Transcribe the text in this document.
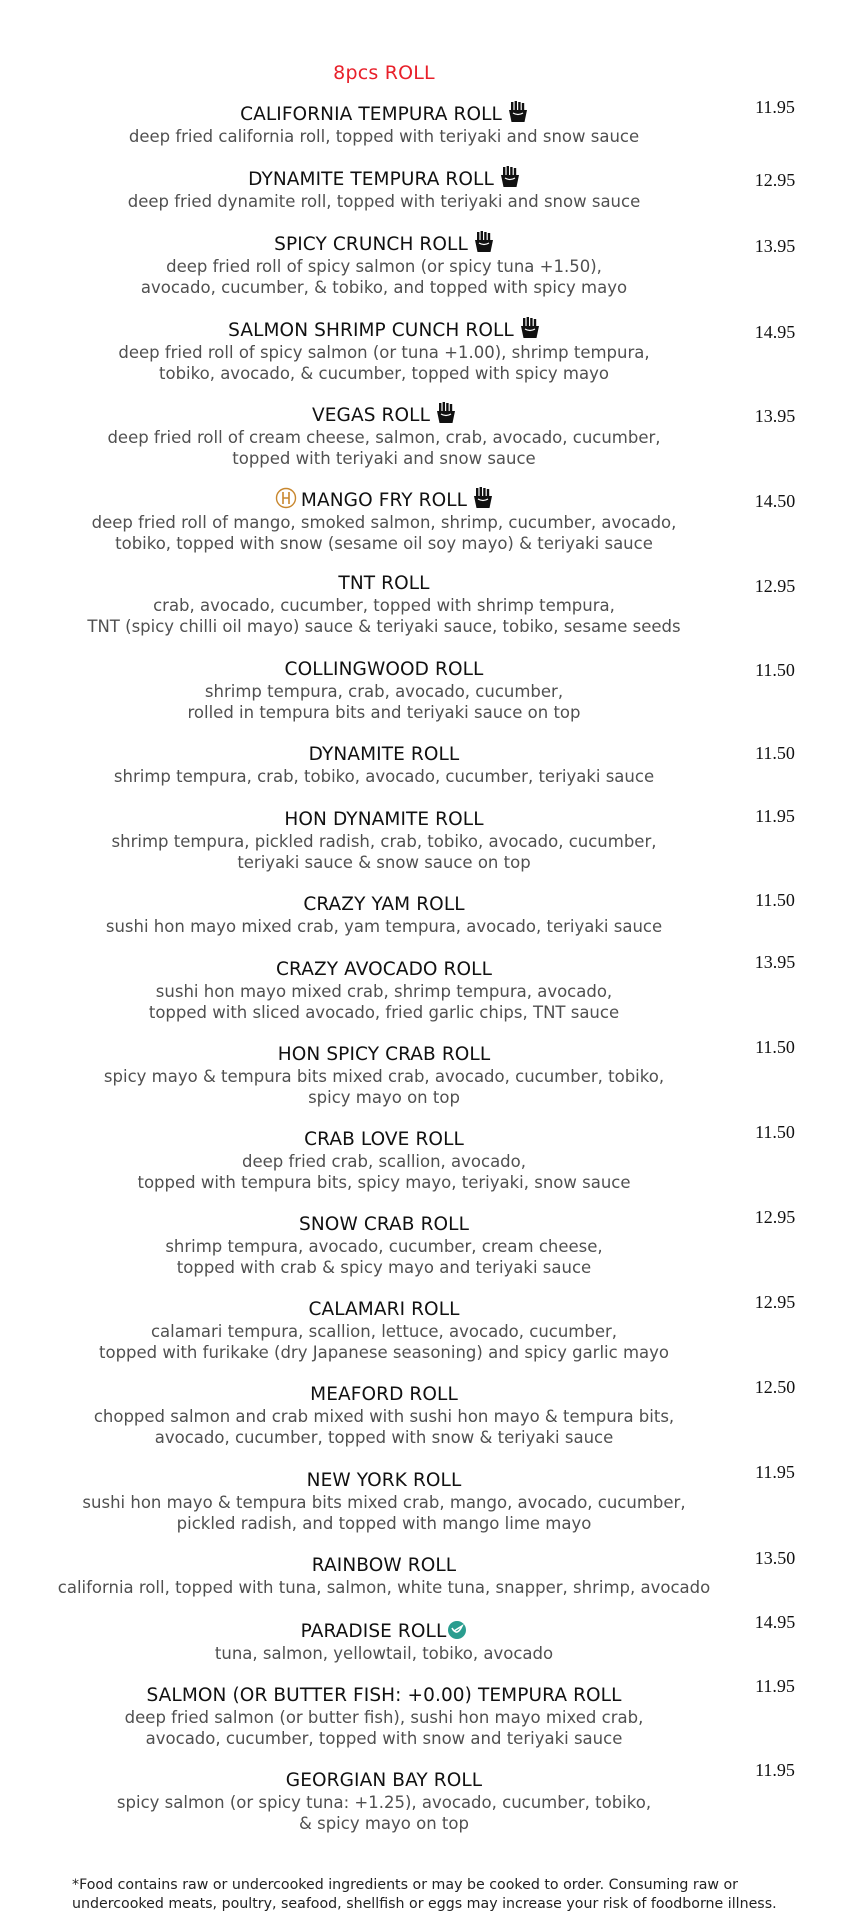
8pcs ROLL
CALIFORNIA TEMPURA ROLL
deep fried california roll, topped with teriyaki and snow sauce
11.95
DYNAMITE TEMPURA ROLL
deep fried dynamite roll, topped with teriyaki and snow sauce
12.95
SPICY CRUNCH ROLL
deep fried roll of spicy salmon (or spicy tuna +1.50),
avocado, cucumber, & tobiko, and topped with spicy mayo
13.95
SALMON SHRIMP CUNCH ROLL
deep fried roll of spicy salmon (or tuna +1.00), shrimp tempura,
tobiko, avocado, & cucumber, topped with spicy mayo
14.95
VEGAS ROLL
deep fried roll of cream cheese, salmon, crab, avocado, cucumber,
topped with teriyaki and snow sauce
13.95
MANGO FRY ROLL
deep fried roll of mango, smoked salmon, shrimp, cucumber, avocado,
tobiko, topped with snow (sesame oil soy mayo) & teriyaki sauce
14.50
TNT ROLL
crab, avocado, cucumber, topped with shrimp tempura,
TNT (spicy chilli oil mayo) sauce & teriyaki sauce, tobiko, sesame seeds
12.95
COLLINGWOOD ROLL
shrimp tempura, crab, avocado, cucumber,
rolled in tempura bits and teriyaki sauce on top
11.50
DYNAMITE ROLL
shrimp tempura, crab, tobiko, avocado, cucumber, teriyaki sauce
11.50
HON DYNAMITE ROLL
shrimp tempura, pickled radish, crab, tobiko, avocado, cucumber,
teriyaki sauce & snow sauce on top
11.95
CRAZY YAM ROLL
sushi hon mayo mixed crab, yam tempura, avocado, teriyaki sauce
11.50
CRAZY AVOCADO ROLL
sushi hon mayo mixed crab, shrimp tempura, avocado,
topped with sliced avocado, fried garlic chips, TNT sauce
13.95
HON SPICY CRAB ROLL
spicy mayo & tempura bits mixed crab, avocado, cucumber, tobiko,
spicy mayo on top
11.50
CRAB LOVE ROLL
deep fried crab, scallion, avocado,
topped with tempura bits, spicy mayo, teriyaki, snow sauce
11.50
SNOW CRAB ROLL
shrimp tempura, avocado, cucumber, cream cheese,
topped with crab & spicy mayo and teriyaki sauce
12.95
CALAMARI ROLL
calamari tempura, scallion, lettuce, avocado, cucumber,
topped with furikake (dry Japanese seasoning) and spicy garlic mayo
12.95
MEAFORD ROLL
chopped salmon and crab mixed with sushi hon mayo & tempura bits,
avocado, cucumber, topped with snow & teriyaki sauce
12.50
NEW YORK ROLL
sushi hon mayo & tempura bits mixed crab, mango, avocado, cucumber,
pickled radish, and topped with mango lime mayo
11.95
RAINBOW ROLL
california roll, topped with tuna, salmon, white tuna, snapper, shrimp, avocado
13.50
PARADISE ROLL
tuna, salmon, yellowtail, tobiko, avocado
14.95
SALMON (OR BUTTER FISH: +0.00) TEMPURA ROLL
deep fried salmon (or butter fish), sushi hon mayo mixed crab,
avocado, cucumber, topped with snow and teriyaki sauce
11.95
GEORGIAN BAY ROLL
spicy salmon (or spicy tuna: +1.25), avocado, cucumber, tobiko,
& spicy mayo on top
11.95
*Food contains raw or undercooked ingredients or may be cooked to order. Consuming raw or undercooked meats, poultry, seafood, shellfish or eggs may increase your risk of foodborne illness.
